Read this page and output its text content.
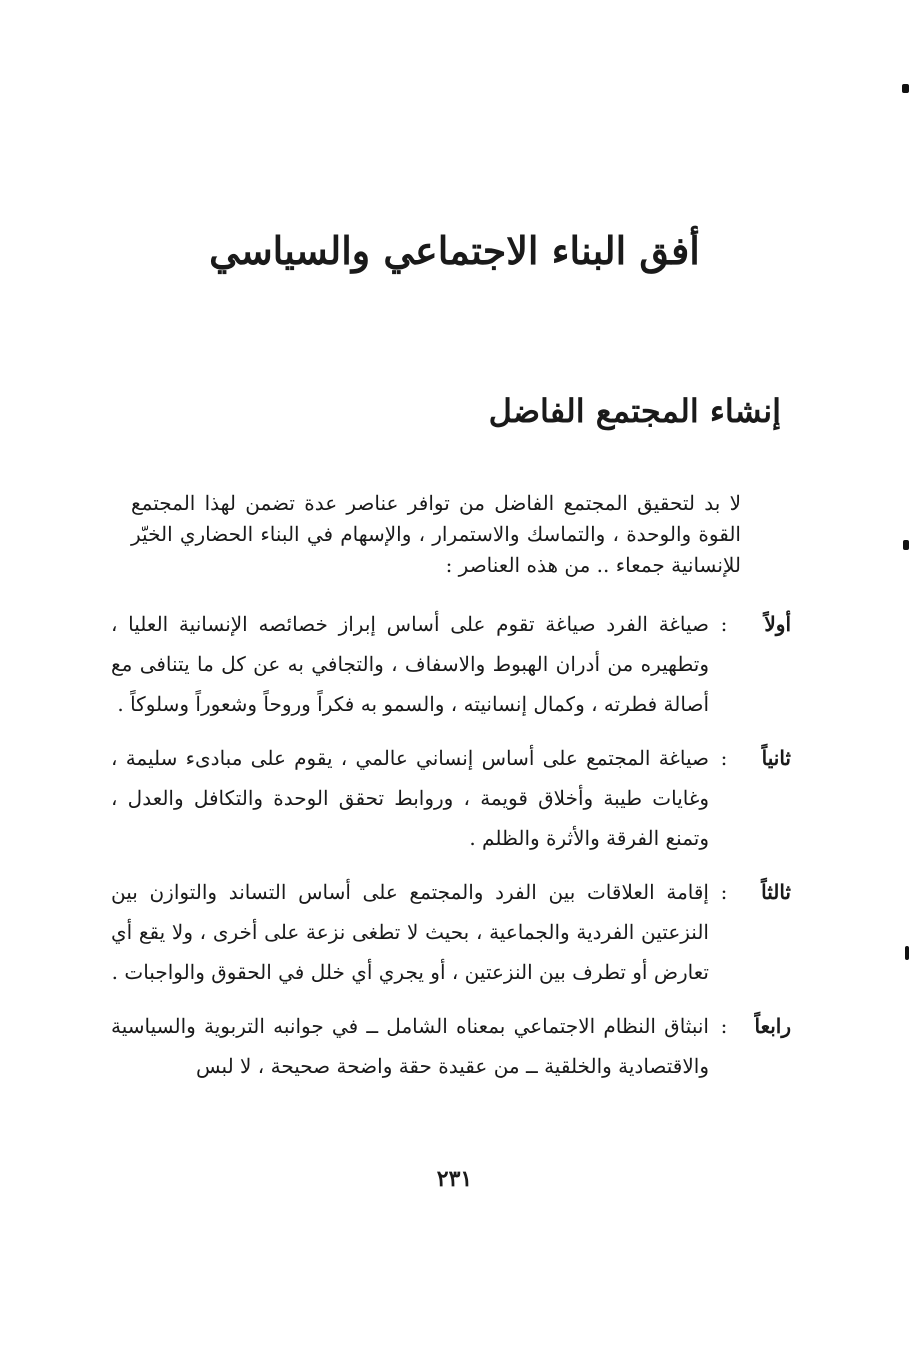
أفق البناء الاجتماعي والسياسي
إنشاء المجتمع الفاضل
لا بد لتحقيق المجتمع الفاضل من توافر عناصر عدة تضمن لهذا المجتمع القوة والوحدة ، والتماسك والاستمرار ، والإسهام في البناء الحضاري الخيّر للإنسانية جمعاء .. من هذه العناصر :
أولاً
:
صياغة الفرد صياغة تقوم على أساس إبراز خصائصه الإنسانية العليا ، وتطهيره من أدران الهبوط والاسفاف ، والتجافي به عن كل ما يتنافى مع أصالة فطرته ، وكمال إنسانيته ، والسمو به فكراً وروحاً وشعوراً وسلوكاً .
ثانياً
:
صياغة المجتمع على أساس إنساني عالمي ، يقوم على مبادىء سليمة ، وغايات طيبة وأخلاق قويمة ، وروابط تحقق الوحدة والتكافل والعدل ، وتمنع الفرقة والأثرة والظلم .
ثالثاً
:
إقامة العلاقات بين الفرد والمجتمع على أساس التساند والتوازن بين النزعتين الفردية والجماعية ، بحيث لا تطغى نزعة على أخرى ، ولا يقع أي تعارض أو تطرف بين النزعتين ، أو يجري أي خلل في الحقوق والواجبات .
رابعاً
:
انبثاق النظام الاجتماعي بمعناه الشامل ــ في جوانبه التربوية والسياسية والاقتصادية والخلقية ــ من عقيدة حقة واضحة صحيحة ، لا لبس
٢٣١
